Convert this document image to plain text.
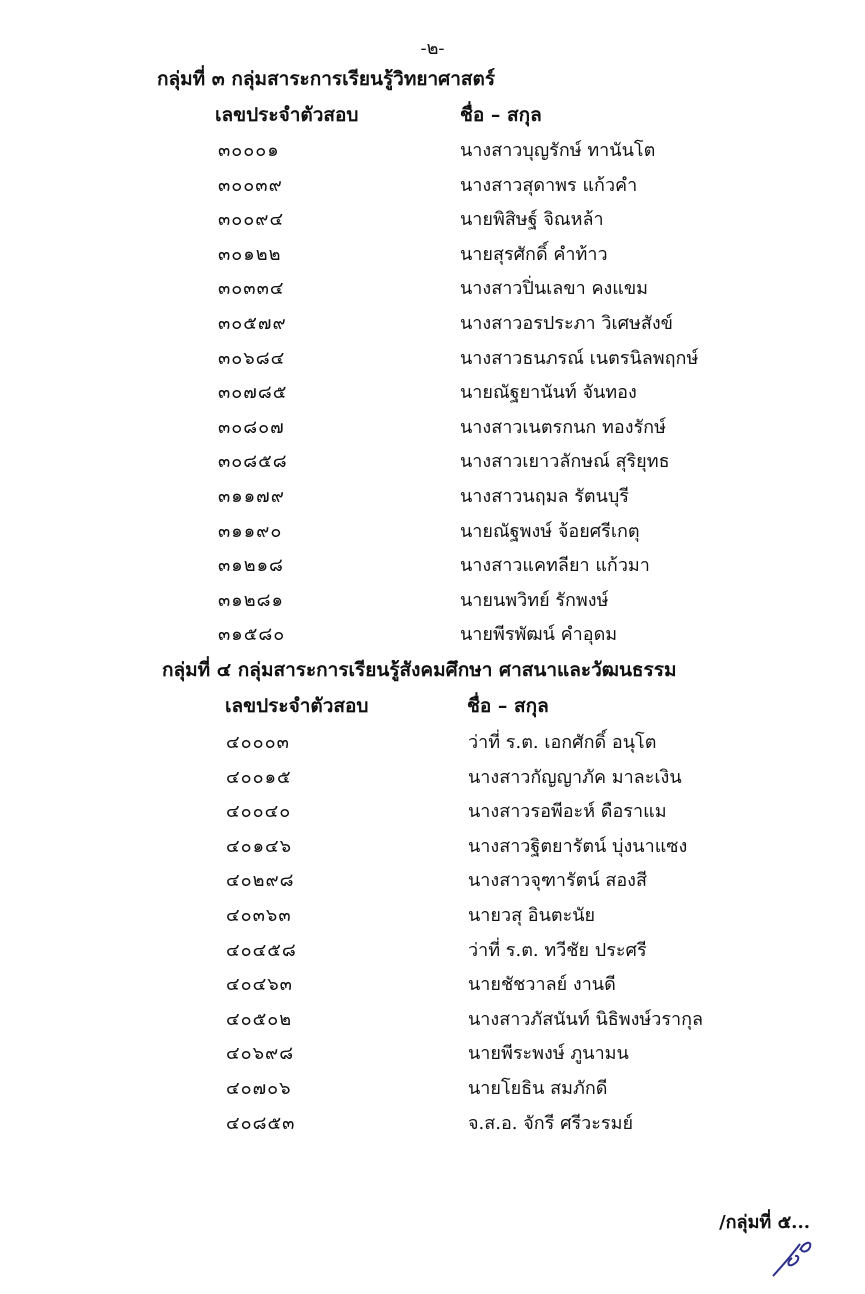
-๒-
กลุ่มที่ ๓ กลุ่มสาระการเรียนรู้วิทยาศาสตร์
เลขประจำตัวสอบ	ชื่อ – สกุล
๓๐๐๐๑	นางสาวบุญรักษ์ ทานันโต
๓๐๐๓๙	นางสาวสุดาพร แก้วคำ
๓๐๐๙๔	นายพิสิษฐ์ จิณหล้า
๓๐๑๒๒	นายสุรศักดิ์ คำท้าว
๓๐๓๓๔	นางสาวปิ่นเลขา คงแขม
๓๐๕๗๙	นางสาวอรประภา วิเศษสังข์
๓๐๖๘๔	นางสาวธนภรณ์ เนตรนิลพฤกษ์
๓๐๗๘๕	นายณัฐยานันท์ จันทอง
๓๐๘๐๗	นางสาวเนตรกนก ทองรักษ์
๓๐๘๕๘	นางสาวเยาวลักษณ์ สุริยุทธ
๓๑๑๗๙	นางสาวนฤมล รัตนบุรี
๓๑๑๙๐	นายณัฐพงษ์ จ้อยศรีเกตุ
๓๑๒๑๘	นางสาวแคทลียา แก้วมา
๓๑๒๘๑	นายนพวิทย์ รักพงษ์
๓๑๕๘๐	นายพีรพัฒน์ คำอุดม
กลุ่มที่ ๔ กลุ่มสาระการเรียนรู้สังคมศึกษา ศาสนาและวัฒนธรรม
เลขประจำตัวสอบ	ชื่อ – สกุล
๔๐๐๐๓	ว่าที่ ร.ต. เอกศักดิ์ อนุโต
๔๐๐๑๕	นางสาวกัญญาภัค มาละเงิน
๔๐๐๔๐	นางสาวรอพีอะห์ ดือราแม
๔๐๑๔๖	นางสาวฐิตยารัตน์ บุ่งนาแซง
๔๐๒๙๘	นางสาวจุฑารัตน์ สองสี
๔๐๓๖๓	นายวสุ อินตะนัย
๔๐๔๕๘	ว่าที่ ร.ต. ทวีชัย ประศรี
๔๐๔๖๓	นายชัชวาลย์ งานดี
๔๐๕๐๒	นางสาวภัสนันท์ นิธิพงษ์วรากุล
๔๐๖๙๘	นายพีระพงษ์ ภูนามน
๔๐๗๐๖	นายโยธิน สมภักดี
๔๐๘๕๓	จ.ส.อ. จักรี ศรีวะรมย์
/กลุ่มที่ ๕...
